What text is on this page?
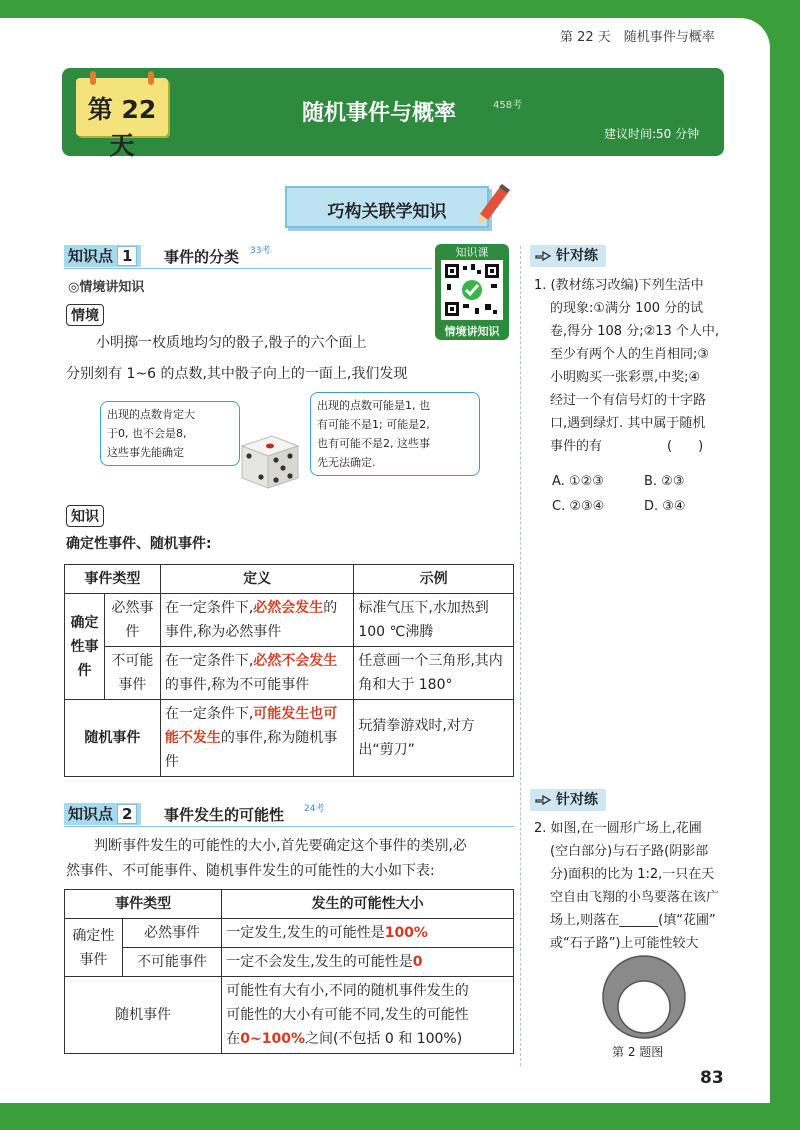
第 22 天　随机事件与概率
第 22 天
随机事件与概率	458考
建议时间:50 分钟
巧构关联学知识
知识点 1	事件的分类 33考
◎情境讲知识
知识课
情境讲知识
情境
小明掷一枚质地均匀的骰子,骰子的六个面上
分别刻有 1~6 的点数,其中骰子向上的一面上,我们发现
出现的点数肯定大
于0, 也不会是8,
这些事先能确定
出现的点数可能是1, 也
有可能不是1; 可能是2,
也有可能不是2, 这些事
先无法确定.
知识
确定性事件、随机事件:
事件类型		定义	示例
确定性事件	必然事件	在一定条件下,必然会发生的事件,称为必然事件	标准气压下,水加热到 100 ℃沸腾
	不可能事件	在一定条件下,必然不会发生的事件,称为不可能事件	任意画一个三角形,其内角和大于 180°
随机事件		在一定条件下,可能发生也可能不发生的事件,称为随机事件	玩猜拳游戏时,对方出“剪刀”
知识点 2	事件发生的可能性 24考
判断事件发生的可能性的大小,首先要确定这个事件的类别,必
然事件、不可能事件、随机事件发生的可能性的大小如下表:
事件类型		发生的可能性大小
确定性事件	必然事件	一定发生,发生的可能性是100%
	不可能事件	一定不会发生,发生的可能性是0
随机事件		可能性有大有小,不同的随机事件发生的
可能性的大小有可能不同,发生的可能性
在0~100%之间(不包括 0 和 100%)
针对练
1. (教材练习改编)下列生活中
的现象:①满分 100 分的试
卷,得分 108 分;②13 个人中,
至少有两个人的生肖相同;③
小明购买一张彩票,中奖;④
经过一个有信号灯的十字路
口,遇到绿灯. 其中属于随机
事件的有　　　　　(　　)
A. ①②③	B. ②③
C. ②③④	D. ③④
针对练
2. 如图,在一圆形广场上,花圃
(空白部分)与石子路(阴影部
分)面积的比为 1:2,一只在天
空自由飞翔的小鸟要落在该广
场上,则落在______(填“花圃”
或“石子路”)上可能性较大
第 2 题图
83
